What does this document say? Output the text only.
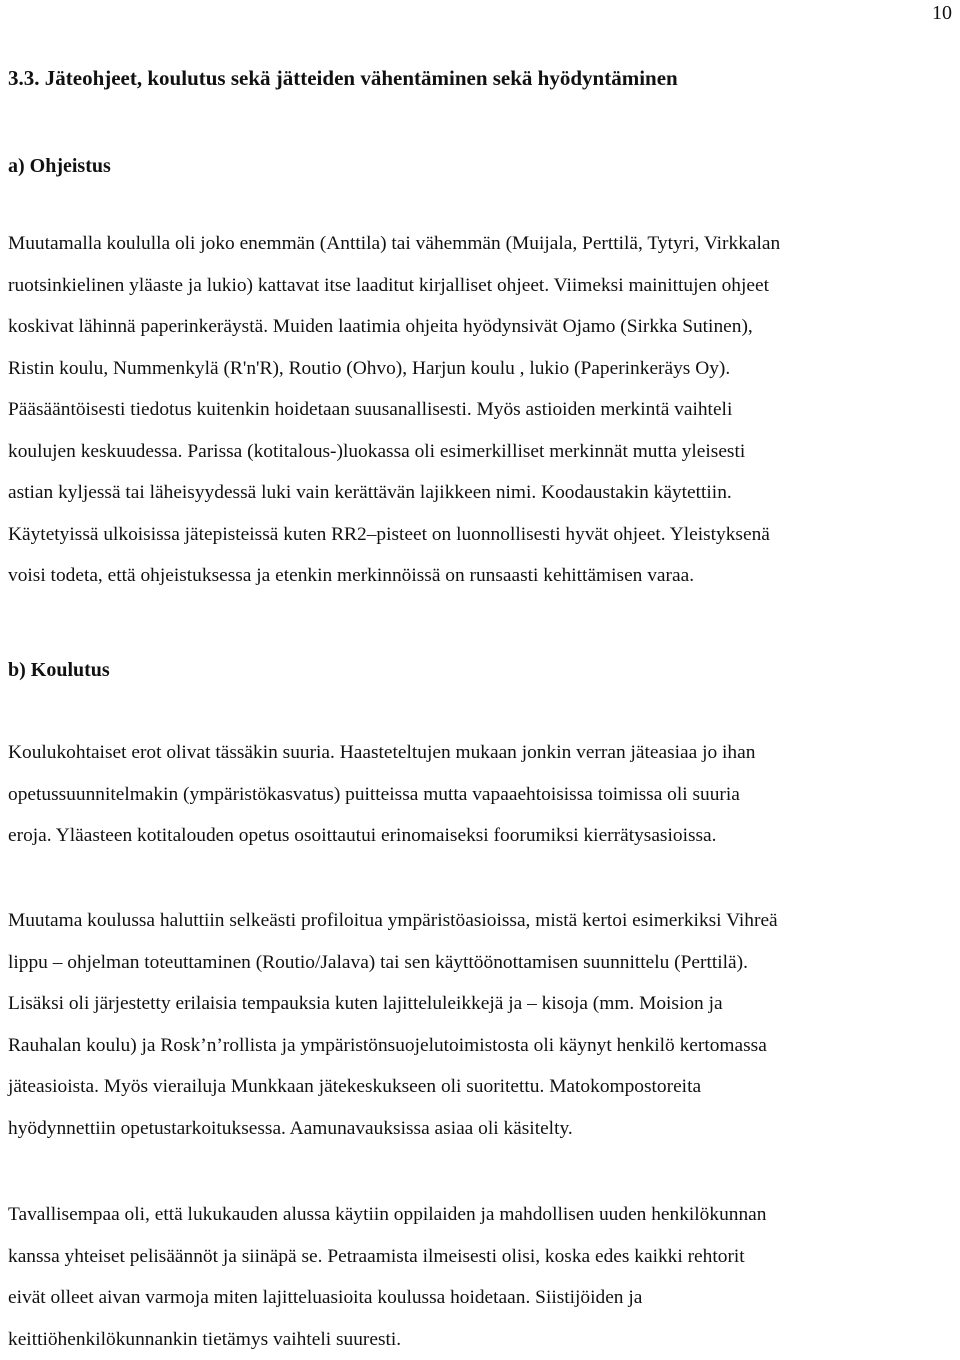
10
3.3. Jäteohjeet, koulutus sekä jätteiden vähentäminen sekä hyödyntäminen
a) Ohjeistus

Muutamalla koululla oli joko enemmän (Anttila) tai vähemmän (Muijala, Perttilä, Tytyri, Virkkalan
ruotsinkielinen yläaste ja lukio) kattavat itse laaditut kirjalliset ohjeet. Viimeksi mainittujen ohjeet
koskivat lähinnä paperinkeräystä. Muiden laatimia ohjeita hyödynsivät Ojamo (Sirkka Sutinen),
Ristin koulu, Nummenkylä (R'n'R), Routio (Ohvo), Harjun koulu , lukio (Paperinkeräys Oy).
Pääsääntöisesti tiedotus kuitenkin hoidetaan suusanallisesti. Myös astioiden merkintä vaihteli
koulujen keskuudessa. Parissa (kotitalous-)luokassa oli esimerkilliset merkinnät mutta yleisesti
astian kyljessä tai läheisyydessä luki vain kerättävän lajikkeen nimi. Koodaustakin käytettiin.
Käytetyissä ulkoisissa jätepisteissä kuten RR2–pisteet on luonnollisesti hyvät ohjeet. Yleistyksenä
voisi todeta, että ohjeistuksessa ja etenkin merkinnöissä on runsaasti kehittämisen varaa.

b) Koulutus

Koulukohtaiset erot olivat tässäkin suuria. Haasteteltujen mukaan jonkin verran jäteasiaa jo ihan
opetussuunnitelmakin (ympäristökasvatus) puitteissa mutta vapaaehtoisissa toimissa oli suuria
eroja. Yläasteen kotitalouden opetus osoittautui erinomaiseksi foorumiksi kierrätysasioissa.

Muutama koulussa haluttiin selkeästi profiloitua ympäristöasioissa, mistä kertoi esimerkiksi Vihreä
lippu – ohjelman toteuttaminen (Routio/Jalava) tai sen käyttöönottamisen suunnittelu (Perttilä).
Lisäksi oli järjestetty erilaisia tempauksia kuten lajitteluleikkejä ja – kisoja (mm. Moision ja
Rauhalan koulu) ja Rosk’n’rollista ja ympäristönsuojelutoimistosta oli käynyt henkilö kertomassa
jäteasioista. Myös vierailuja Munkkaan jätekeskukseen oli suoritettu. Matokompostoreita
hyödynnettiin opetustarkoituksessa. Aamunavauksissa asiaa oli käsitelty.

Tavallisempaa oli, että lukukauden alussa käytiin oppilaiden ja mahdollisen uuden henkilökunnan
kanssa yhteiset pelisäännöt ja siinäpä se. Petraamista ilmeisesti olisi, koska edes kaikki rehtorit
eivät olleet aivan varmoja miten lajitteluasioita koulussa hoidetaan. Siistijöiden ja
keittiöhenkilökunnankin tietämys vaihteli suuresti.
